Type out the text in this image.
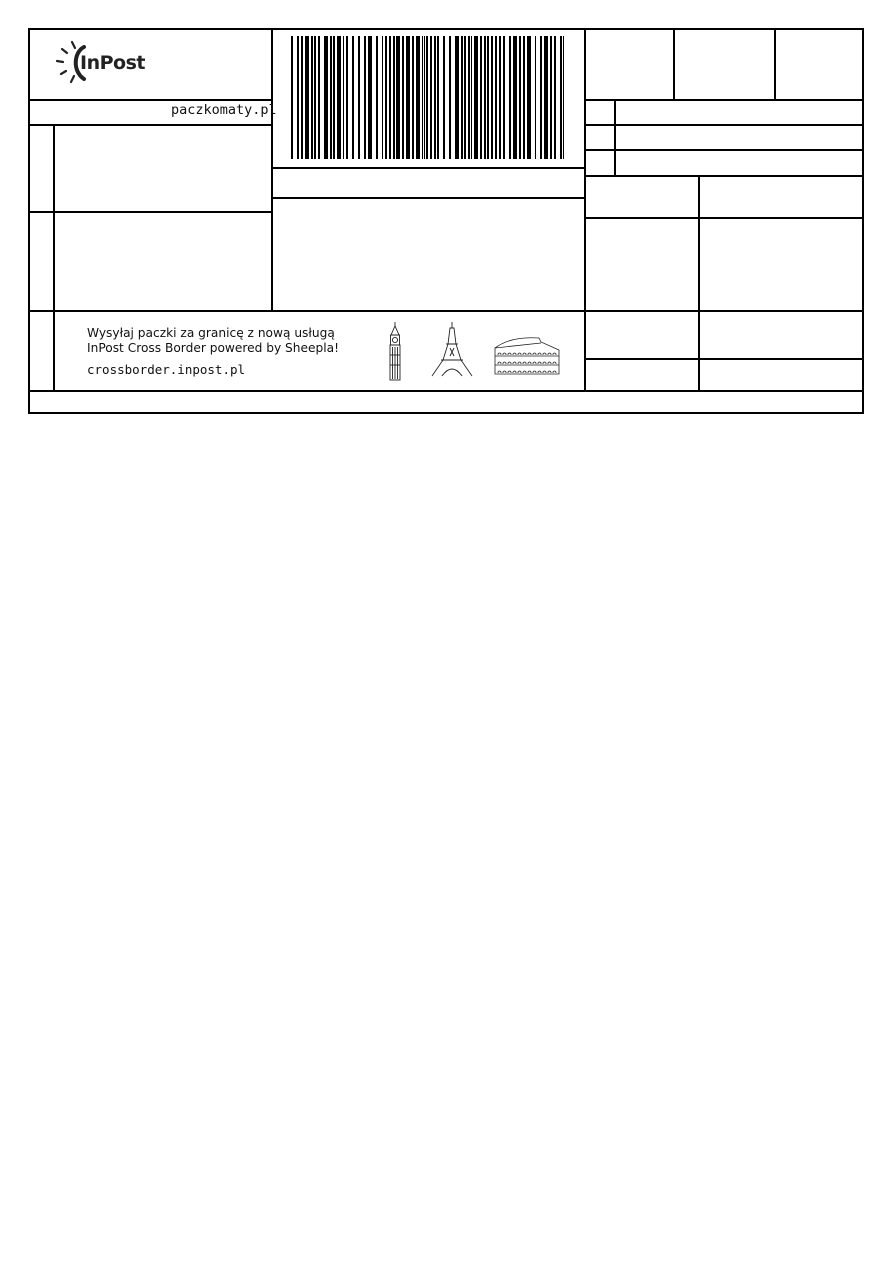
InPost
paczkomaty.pl
Wysyłaj paczki za granicę z nową usługą
InPost Cross Border powered by Sheepla!
crossborder.inpost.pl
